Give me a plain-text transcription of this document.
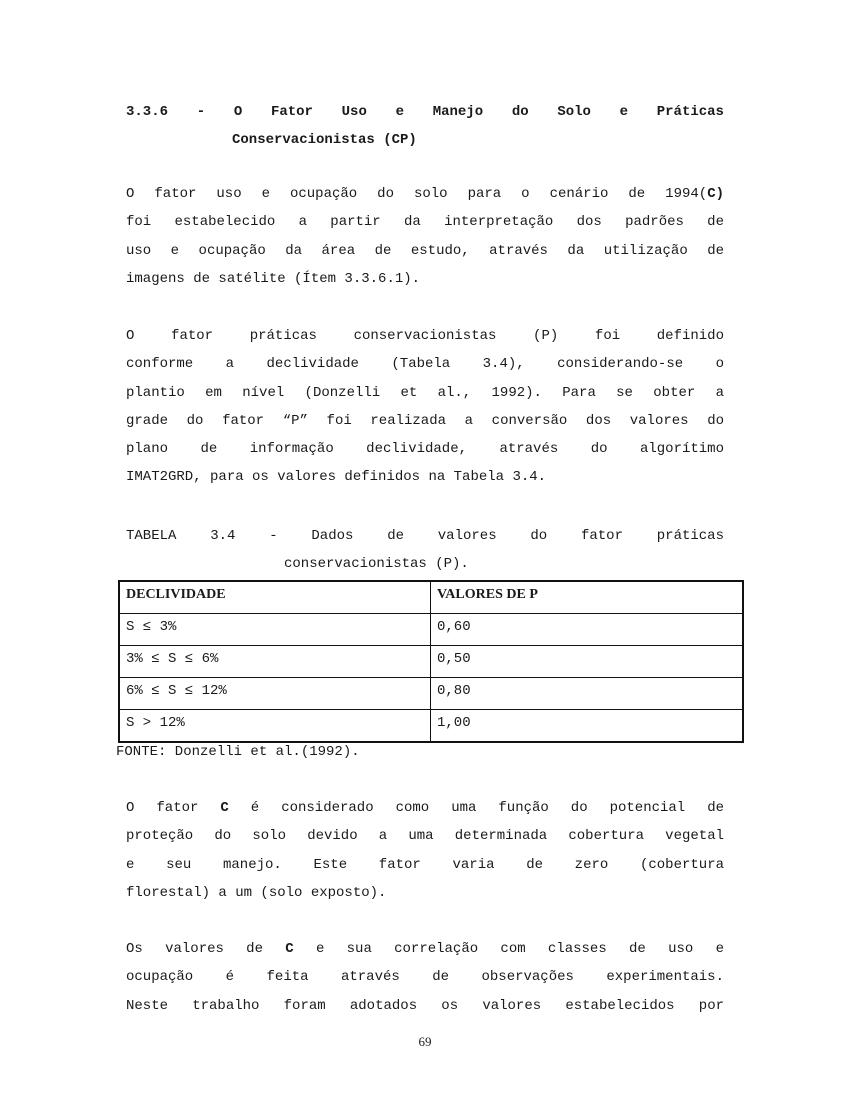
3.3.6 - O Fator Uso e Manejo do Solo e Práticas
Conservacionistas (CP)
O fator uso e ocupação do solo para o cenário de 1994(C)
foi estabelecido a partir da interpretação dos padrões de
uso e ocupação da área de estudo, através da utilização de
imagens de satélite (Ítem 3.3.6.1).
O fator práticas conservacionistas (P) foi definido
conforme a declividade (Tabela 3.4), considerando-se o
plantio em nível (Donzelli et al., 1992). Para se obter a
grade do fator “P” foi realizada a conversão dos valores do
plano de informação declividade, através do algorítimo
IMAT2GRD, para os valores definidos na Tabela 3.4.
TABELA 3.4 - Dados de valores do fator práticas
conservacionistas (P).
DECLIVIDADE	VALORES DE P
S ≤ 3%	0,60
3% ≤ S ≤ 6%	0,50
6% ≤ S ≤ 12%	0,80
S > 12%	1,00
FONTE: Donzelli et al.(1992).
O fator C é considerado como uma função do potencial de
proteção do solo devido a uma determinada cobertura vegetal
e seu manejo. Este fator varia de zero (cobertura
florestal) a um (solo exposto).
Os valores de C e sua correlação com classes de uso e
ocupação é feita através de observações experimentais.
Neste trabalho foram adotados os valores estabelecidos por
69
